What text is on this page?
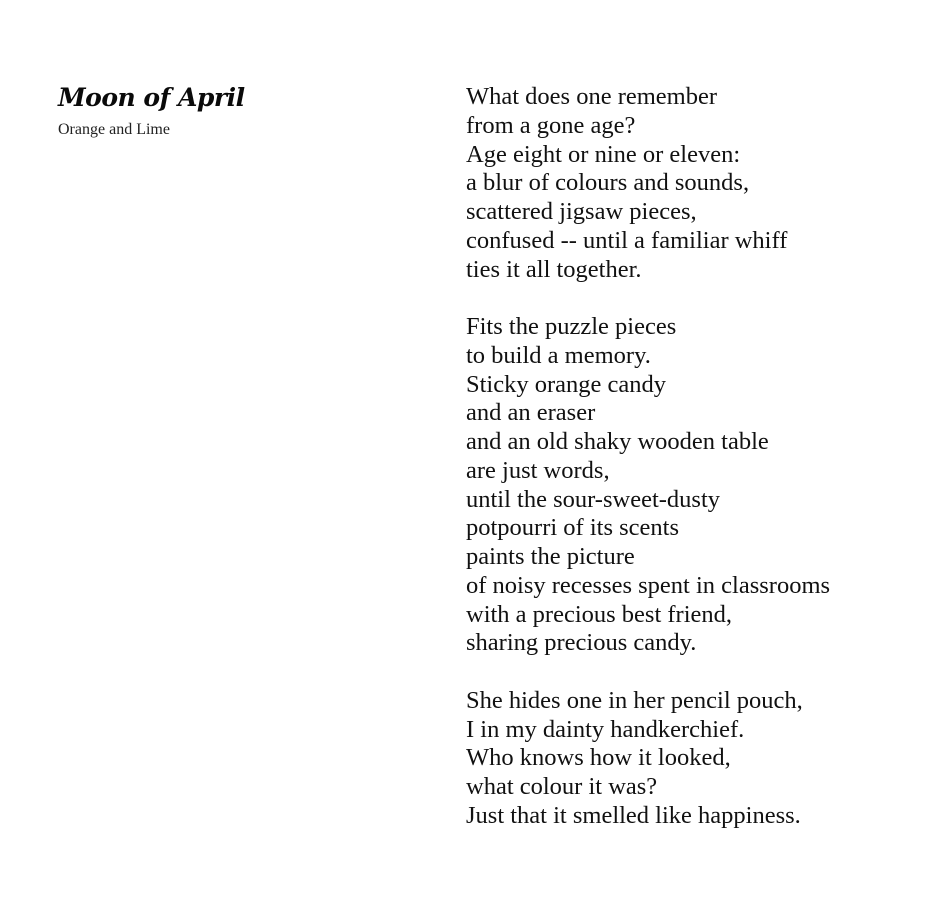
Moon of April

Orange and Lime

What does one remember
from a gone age?
Age eight or nine or eleven:
a blur of colours and sounds,
scattered jigsaw pieces,
confused -- until a familiar whiff
ties it all together.
Fits the puzzle pieces
to build a memory.
Sticky orange candy
and an eraser
and an old shaky wooden table
are just words,
until the sour-sweet-dusty
potpourri of its scents
paints the picture
of noisy recesses spent in classrooms
with a precious best friend,
sharing precious candy.
She hides one in her pencil pouch,
I in my dainty handkerchief.
Who knows how it looked,
what colour it was?
Just that it smelled like happiness.
